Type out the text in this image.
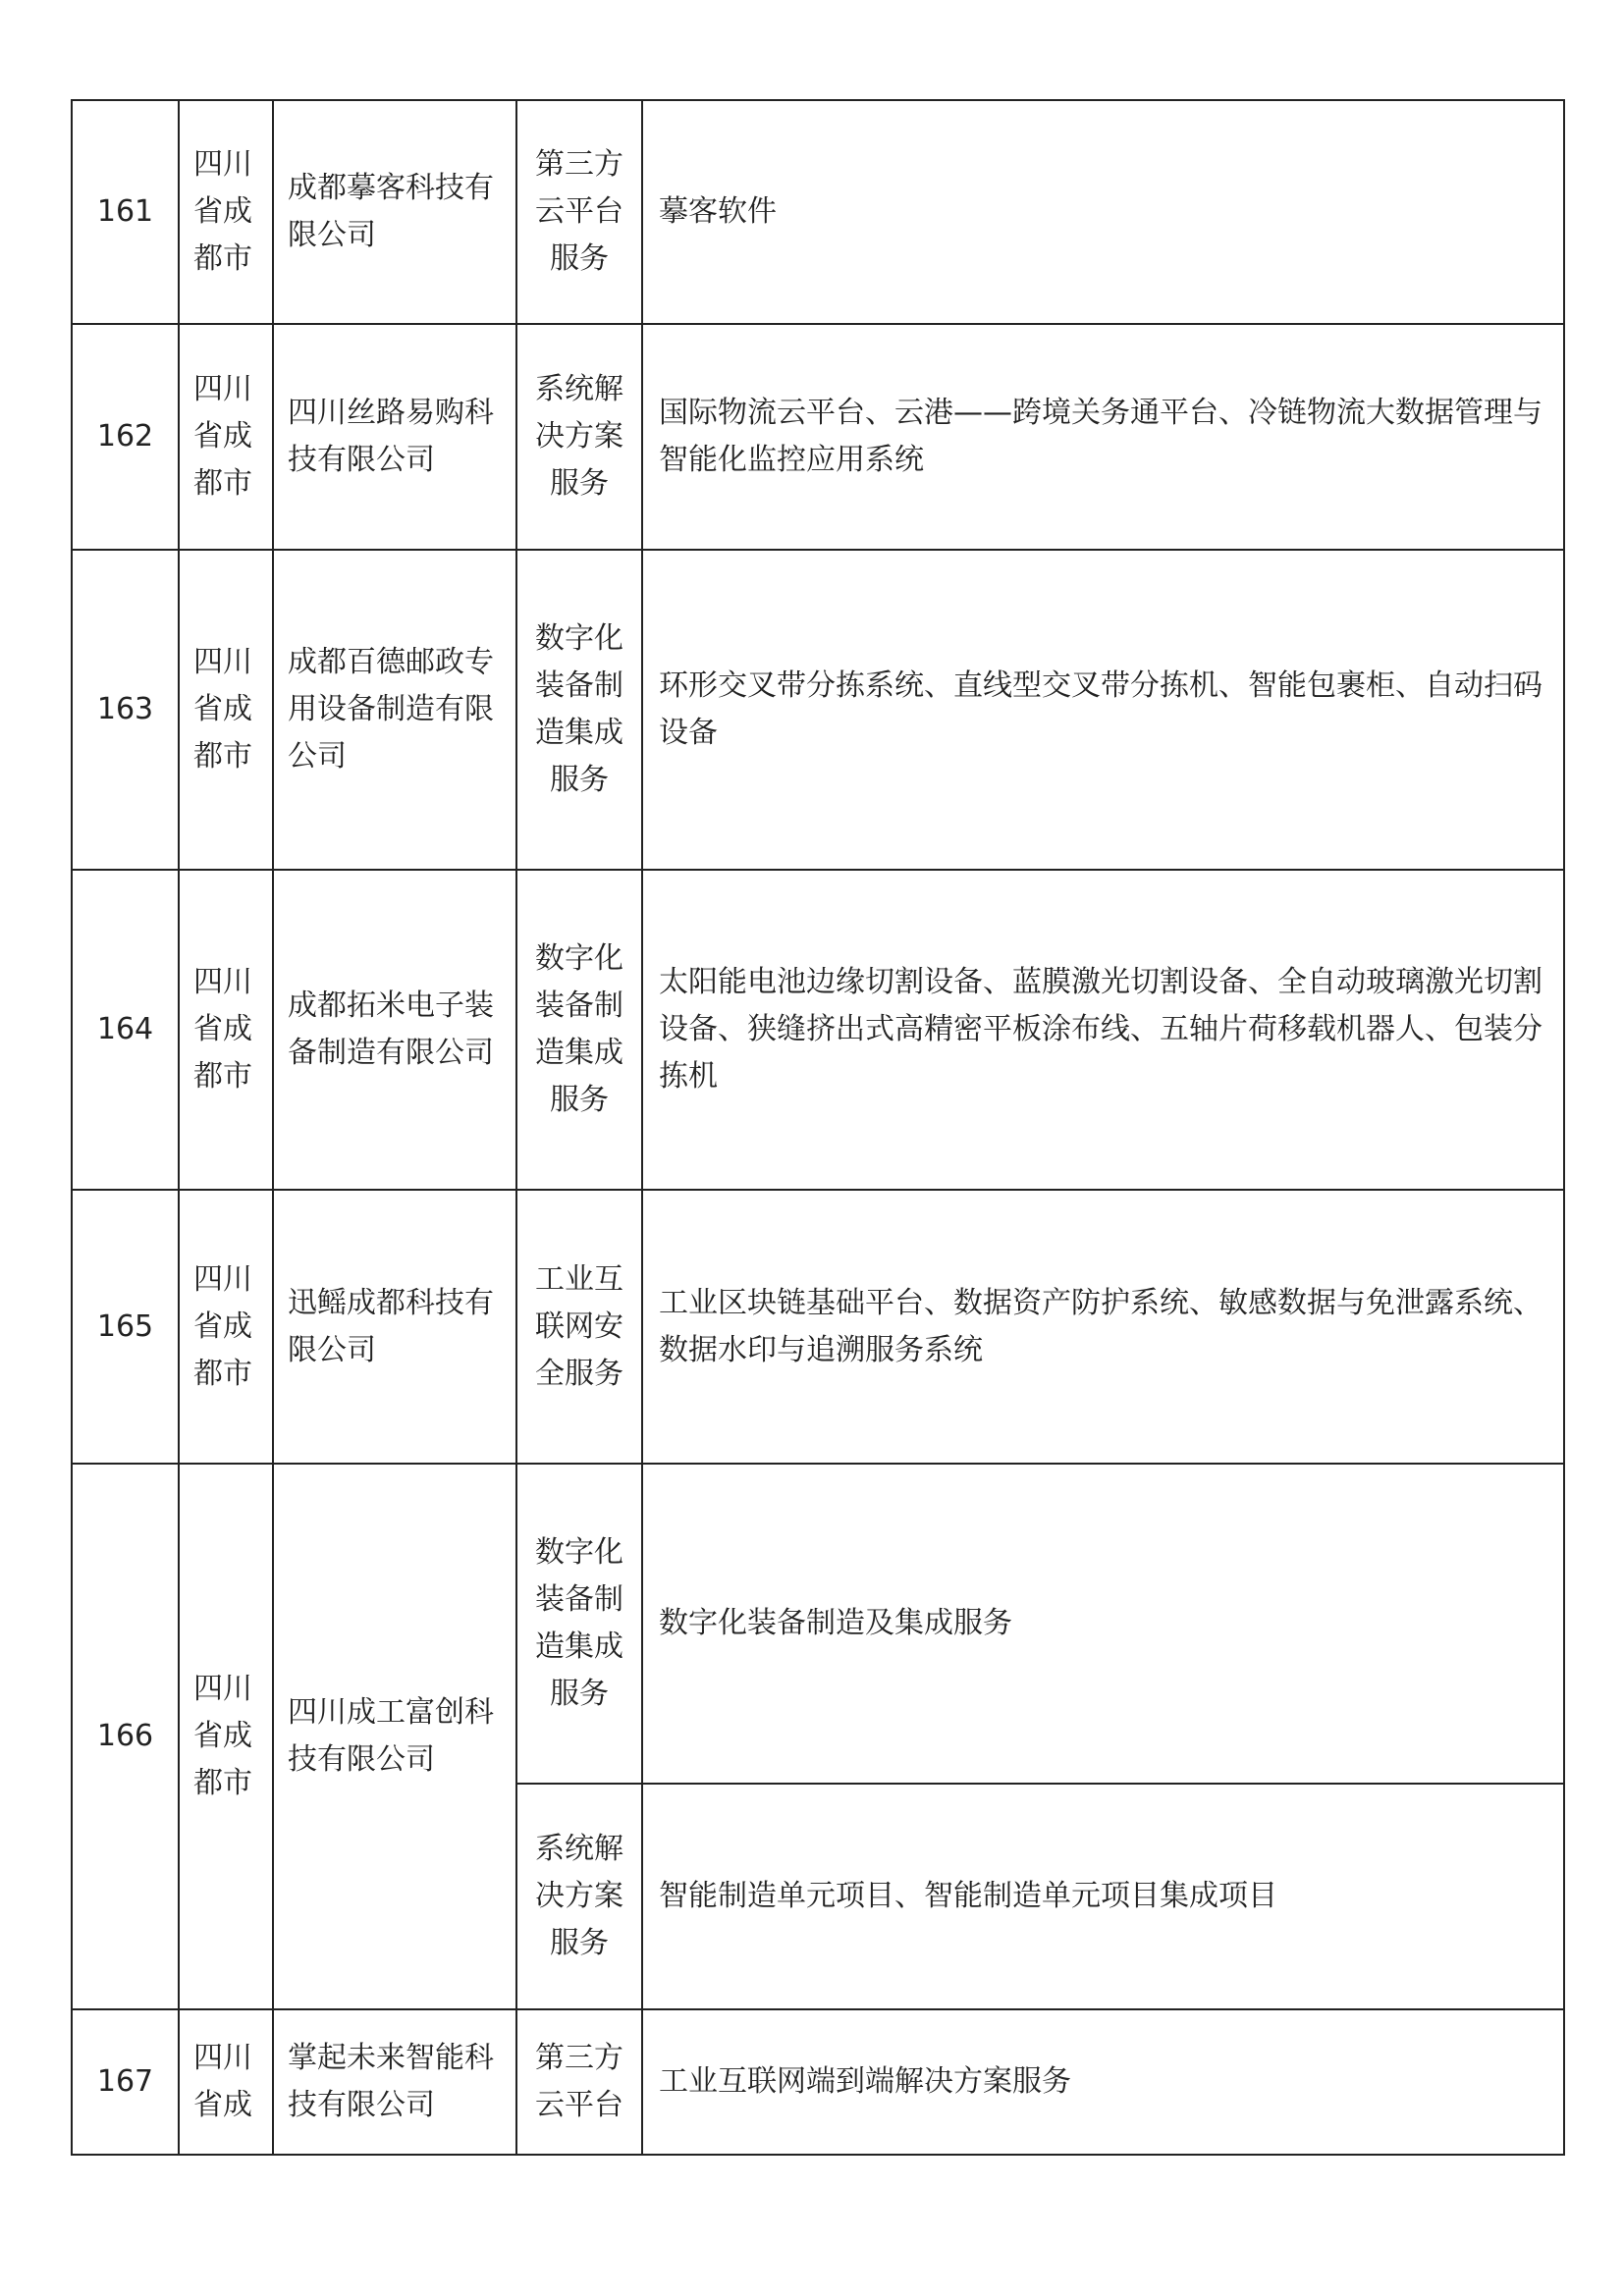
161	四川省成都市	成都摹客科技有限公司	第三方云平台服务	摹客软件
162	四川省成都市	四川丝路易购科技有限公司	系统解决方案服务	国际物流云平台、云港——跨境关务通平台、冷链物流大数据管理与智能化监控应用系统
163	四川省成都市	成都百德邮政专用设备制造有限公司	数字化装备制造集成服务	环形交叉带分拣系统、直线型交叉带分拣机、智能包裹柜、自动扫码设备
164	四川省成都市	成都拓米电子装备制造有限公司	数字化装备制造集成服务	太阳能电池边缘切割设备、蓝膜激光切割设备、全自动玻璃激光切割设备、狭缝挤出式高精密平板涂布线、五轴片荷移载机器人、包装分拣机
165	四川省成都市	迅鳐成都科技有限公司	工业互联网安全服务	工业区块链基础平台、数据资产防护系统、敏感数据与免泄露系统、数据水印与追溯服务系统
166	四川省成都市	四川成工富创科技有限公司	数字化装备制造集成服务	数字化装备制造及集成服务
			系统解决方案服务	智能制造单元项目、智能制造单元项目集成项目
167	四川省成	掌起未来智能科技有限公司	第三方云平台	工业互联网端到端解决方案服务
